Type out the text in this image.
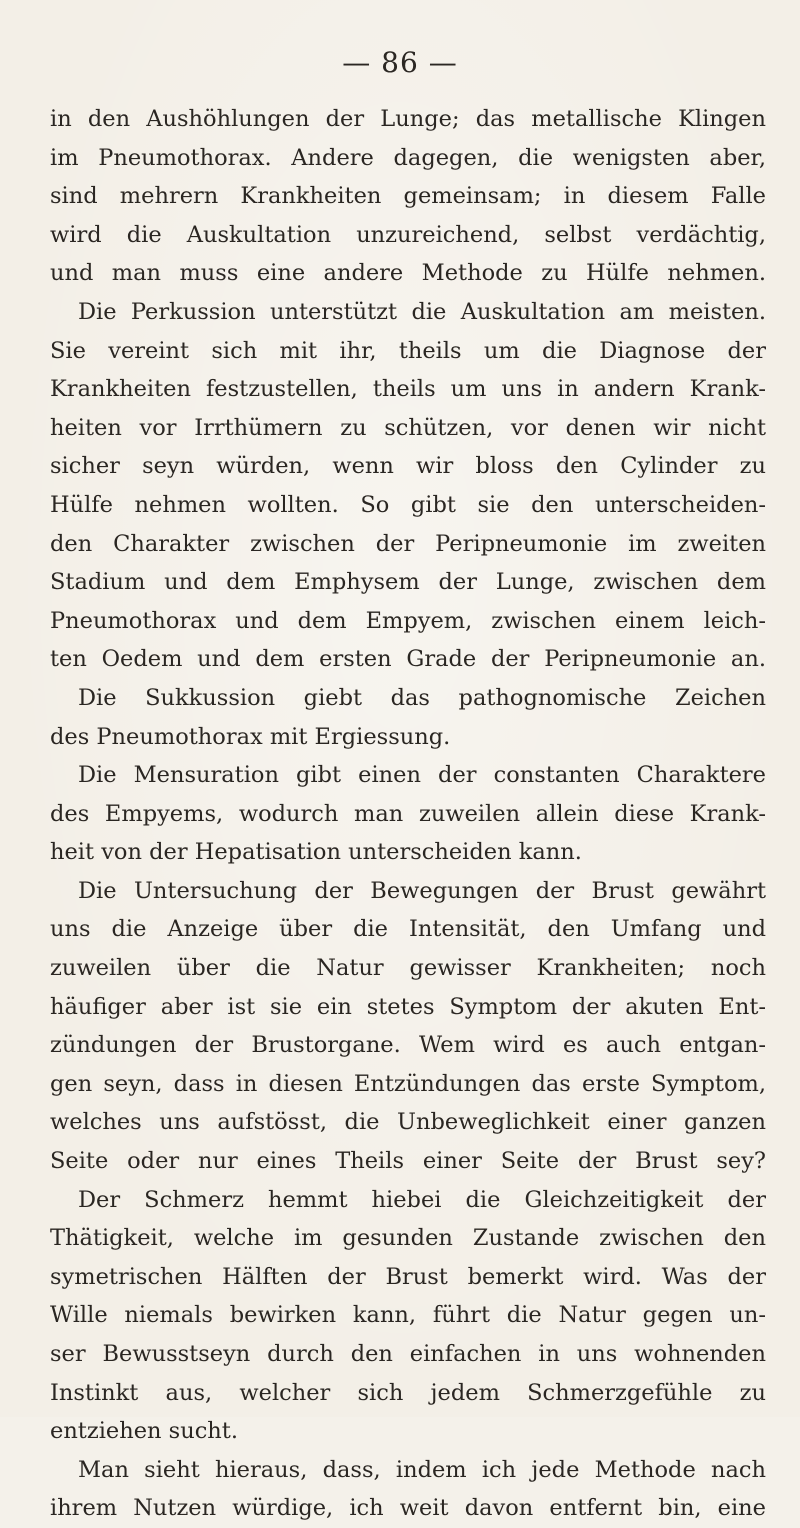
— 86 —
in den Aushöhlungen der Lunge; das metallische Klingen
im Pneumothorax. Andere dagegen, die wenigsten aber,
sind mehrern Krankheiten gemeinsam; in diesem Falle
wird die Auskultation unzureichend, selbst verdächtig,
und man muss eine andere Methode zu Hülfe nehmen.
Die Perkussion unterstützt die Auskultation am meisten.
Sie vereint sich mit ihr, theils um die Diagnose der
Krankheiten festzustellen, theils um uns in andern Krank-
heiten vor Irrthümern zu schützen, vor denen wir nicht
sicher seyn würden, wenn wir bloss den Cylinder zu
Hülfe nehmen wollten. So gibt sie den unterscheiden-
den Charakter zwischen der Peripneumonie im zweiten
Stadium und dem Emphysem der Lunge, zwischen dem
Pneumothorax und dem Empyem, zwischen einem leich-
ten Oedem und dem ersten Grade der Peripneumonie an.
Die Sukkussion giebt das pathognomische Zeichen
des Pneumothorax mit Ergiessung.
Die Mensuration gibt einen der constanten Charaktere
des Empyems, wodurch man zuweilen allein diese Krank-
heit von der Hepatisation unterscheiden kann.
Die Untersuchung der Bewegungen der Brust gewährt
uns die Anzeige über die Intensität, den Umfang und
zuweilen über die Natur gewisser Krankheiten; noch
häufiger aber ist sie ein stetes Symptom der akuten Ent-
zündungen der Brustorgane. Wem wird es auch entgan-
gen seyn, dass in diesen Entzündungen das erste Symptom,
welches uns aufstösst, die Unbeweglichkeit einer ganzen
Seite oder nur eines Theils einer Seite der Brust sey?
Der Schmerz hemmt hiebei die Gleichzeitigkeit der
Thätigkeit, welche im gesunden Zustande zwischen den
symetrischen Hälften der Brust bemerkt wird. Was der
Wille niemals bewirken kann, führt die Natur gegen un-
ser Bewusstseyn durch den einfachen in uns wohnenden
Instinkt aus, welcher sich jedem Schmerzgefühle zu
entziehen sucht.
Man sieht hieraus, dass, indem ich jede Methode nach
ihrem Nutzen würdige, ich weit davon entfernt bin, eine
